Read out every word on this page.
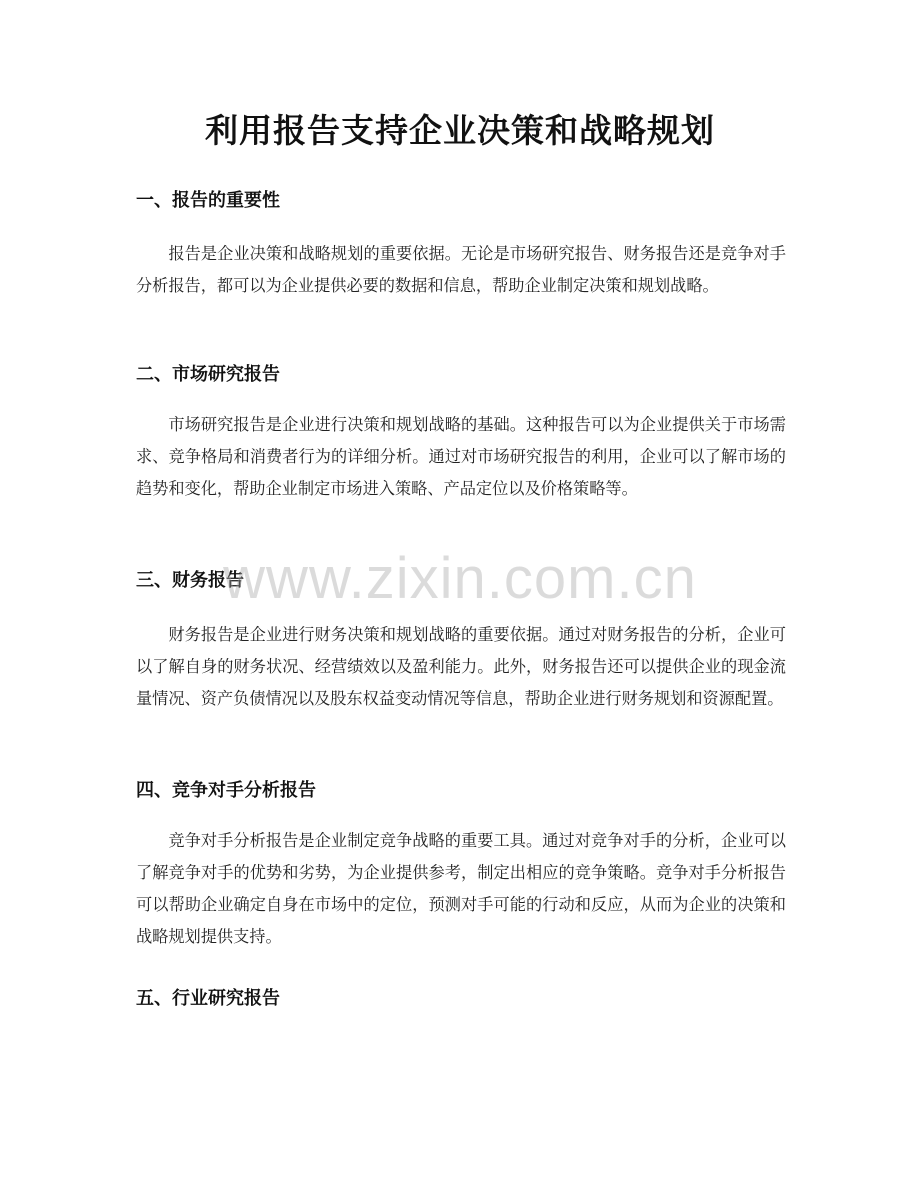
利用报告支持企业决策和战略规划
一、报告的重要性

报告是企业决策和战略规划的重要依据。无论是市场研究报告、财务报告还是竞争对手分析报告，都可以为企业提供必要的数据和信息，帮助企业制定决策和规划战略。

二、市场研究报告

市场研究报告是企业进行决策和规划战略的基础。这种报告可以为企业提供关于市场需求、竞争格局和消费者行为的详细分析。通过对市场研究报告的利用，企业可以了解市场的趋势和变化，帮助企业制定市场进入策略、产品定位以及价格策略等。

三、财务报告

财务报告是企业进行财务决策和规划战略的重要依据。通过对财务报告的分析，企业可以了解自身的财务状况、经营绩效以及盈利能力。此外，财务报告还可以提供企业的现金流量情况、资产负债情况以及股东权益变动情况等信息，帮助企业进行财务规划和资源配置。

四、竞争对手分析报告

竞争对手分析报告是企业制定竞争战略的重要工具。通过对竞争对手的分析，企业可以了解竞争对手的优势和劣势，为企业提供参考，制定出相应的竞争策略。竞争对手分析报告可以帮助企业确定自身在市场中的定位，预测对手可能的行动和反应，从而为企业的决策和战略规划提供支持。

五、行业研究报告
www.zixin.com.cn
